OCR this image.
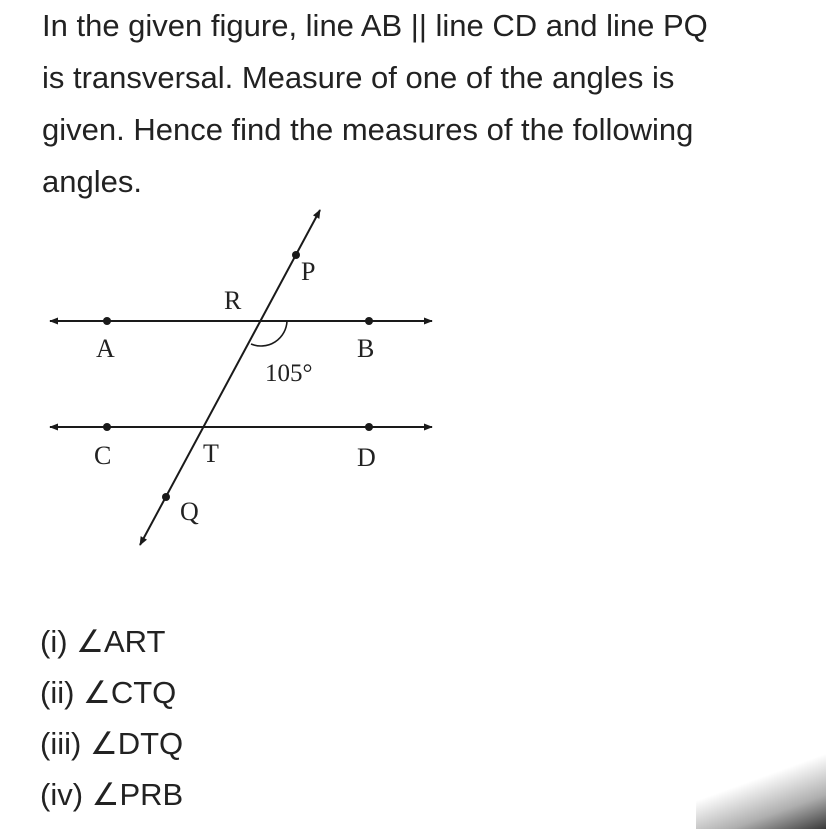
In the given figure, line AB || line CD and line PQ
is transversal. Measure of one of the angles is
given. Hence find the measures of the following
angles.
A	B
C	D
P
Q
R
T
105°
(i) ∠ART
(ii) ∠CTQ
(iii) ∠DTQ
(iv) ∠PRB
